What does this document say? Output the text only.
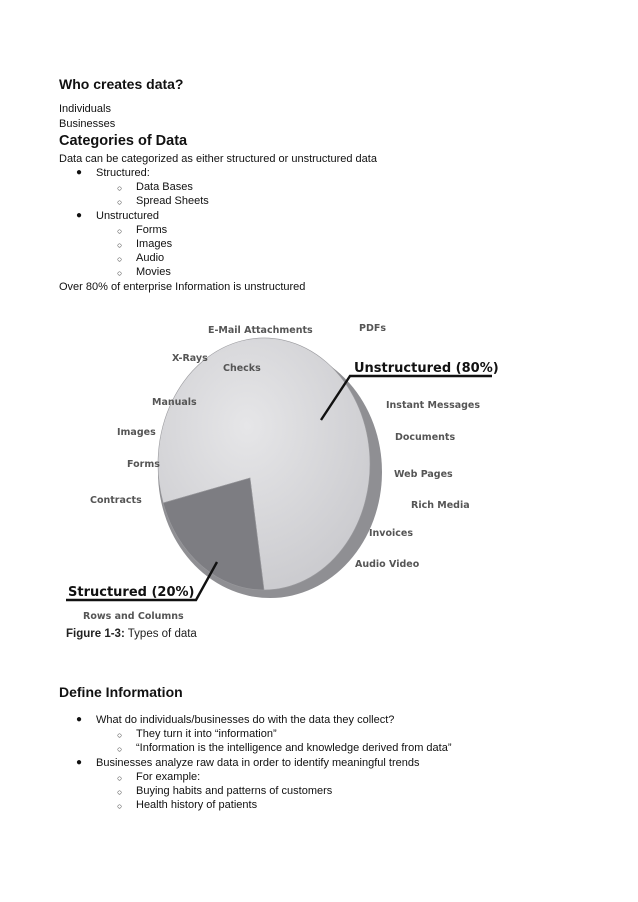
Who creates data?
Individuals
Businesses
Categories of Data
Data can be categorized as either structured or unstructured data
● Structured:
○ Data Bases
○ Spread Sheets
● Unstructured
○ Forms
○ Images
○ Audio
○ Movies
Over 80% of enterprise Information is unstructured
Unstructured (80%)
Structured (20%)
E-Mail Attachments
X-Rays
Checks
Manuals
Images
Forms
Contracts
PDFs
Instant Messages
Documents
Web Pages
Rich Media
Invoices
Audio Video
Rows and Columns
Figure 1-3: Types of data
Define Information
● What do individuals/businesses do with the data they collect?
○ They turn it into “information”
○ “Information is the intelligence and knowledge derived from data”
● Businesses analyze raw data in order to identify meaningful trends
○ For example:
○ Buying habits and patterns of customers
○ Health history of patients
